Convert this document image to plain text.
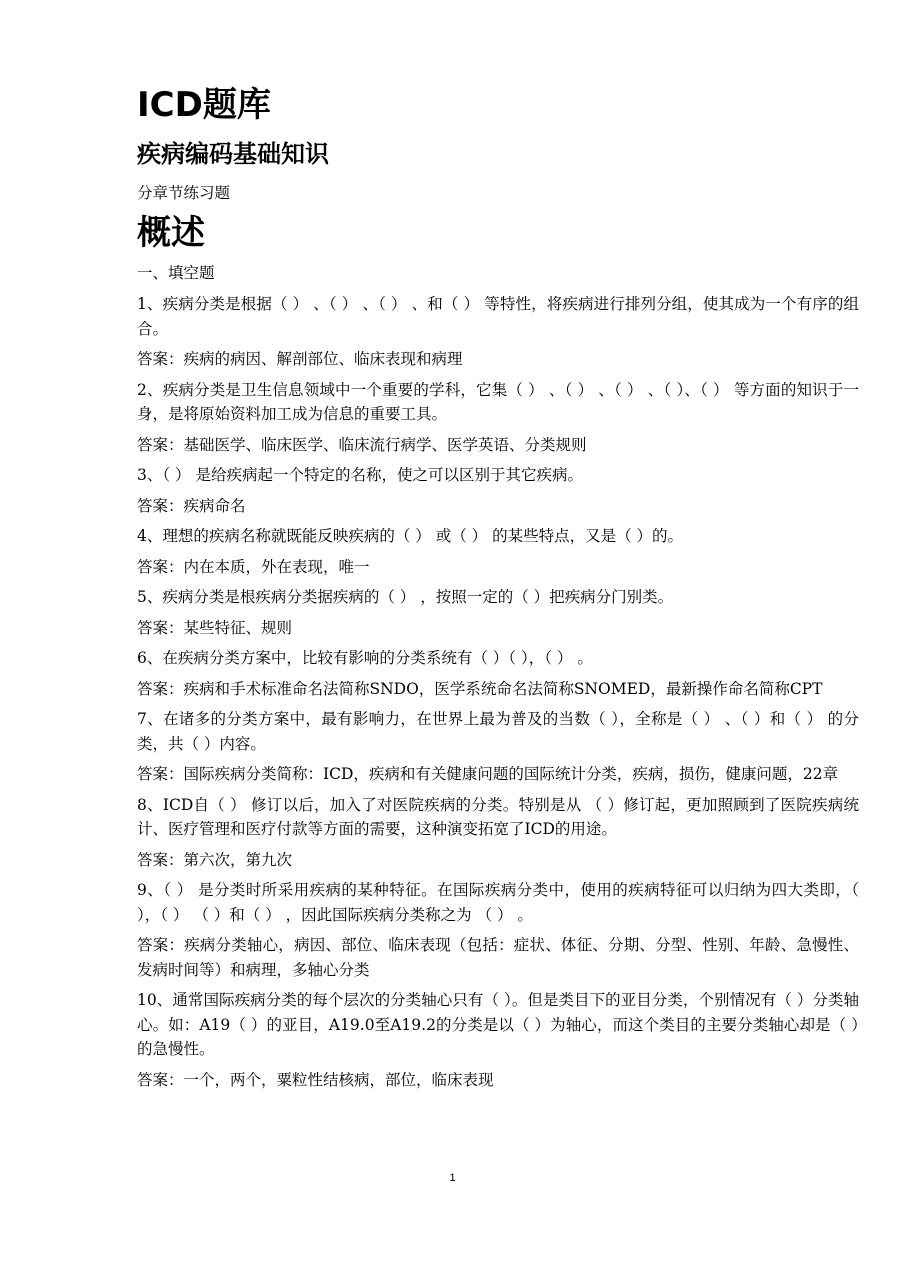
ICD题库
疾病编码基础知识
分章节练习题
概述
一、填空题

1、疾病分类是根据（ ） 、（ ） 、（ ） 、和（ ） 等特性，将疾病进行排列分组，使其成为一个有序的组合。

答案：疾病的病因、解剖部位、临床表现和病理

2、疾病分类是卫生信息领域中一个重要的学科，它集（ ） 、（ ） 、（ ） 、（ ）、（ ） 等方面的知识于一身，是将原始资料加工成为信息的重要工具。

答案：基础医学、临床医学、临床流行病学、医学英语、分类规则

3、（ ） 是给疾病起一个特定的名称，使之可以区别于其它疾病。

答案：疾病命名

4、理想的疾病名称就既能反映疾病的（ ） 或（ ） 的某些特点，又是（ ）的。

答案：内在本质，外在表现，唯一

5、疾病分类是根疾病分类据疾病的（ ） ，按照一定的（ ）把疾病分门别类。

答案：某些特征、规则

6、在疾病分类方案中，比较有影响的分类系统有（ ）（ ），（ ） 。

答案：疾病和手术标准命名法简称SNDO，医学系统命名法简称SNOMED，最新操作命名简称CPT

7、在诸多的分类方案中，最有影响力，在世界上最为普及的当数（ ），全称是（ ） 、（ ）和（ ） 的分类，共（ ）内容。

答案：国际疾病分类简称：ICD，疾病和有关健康问题的国际统计分类，疾病，损伤，健康问题，22章

8、ICD自（ ） 修订以后，加入了对医院疾病的分类。特别是从 （ ）修订起，更加照顾到了医院疾病统计、医疗管理和医疗付款等方面的需要，这种演变拓宽了ICD的用途。

答案：第六次，第九次

9、（ ） 是分类时所采用疾病的某种特征。在国际疾病分类中，使用的疾病特征可以归纳为四大类即，（ ），（ ） （ ）和（ ） ，因此国际疾病分类称之为 （ ） 。

答案：疾病分类轴心，病因、部位、临床表现（包括：症状、体征、分期、分型、性别、年龄、急慢性、发病时间等）和病理，多轴心分类

10、通常国际疾病分类的每个层次的分类轴心只有（ ）。但是类目下的亚目分类，个别情况有（ ）分类轴心。如：A19（ ）的亚目，A19.0至A19.2的分类是以（ ）为轴心，而这个类目的主要分类轴心却是（ ）的急慢性。

答案：一个，两个，粟粒性结核病，部位，临床表现

1
